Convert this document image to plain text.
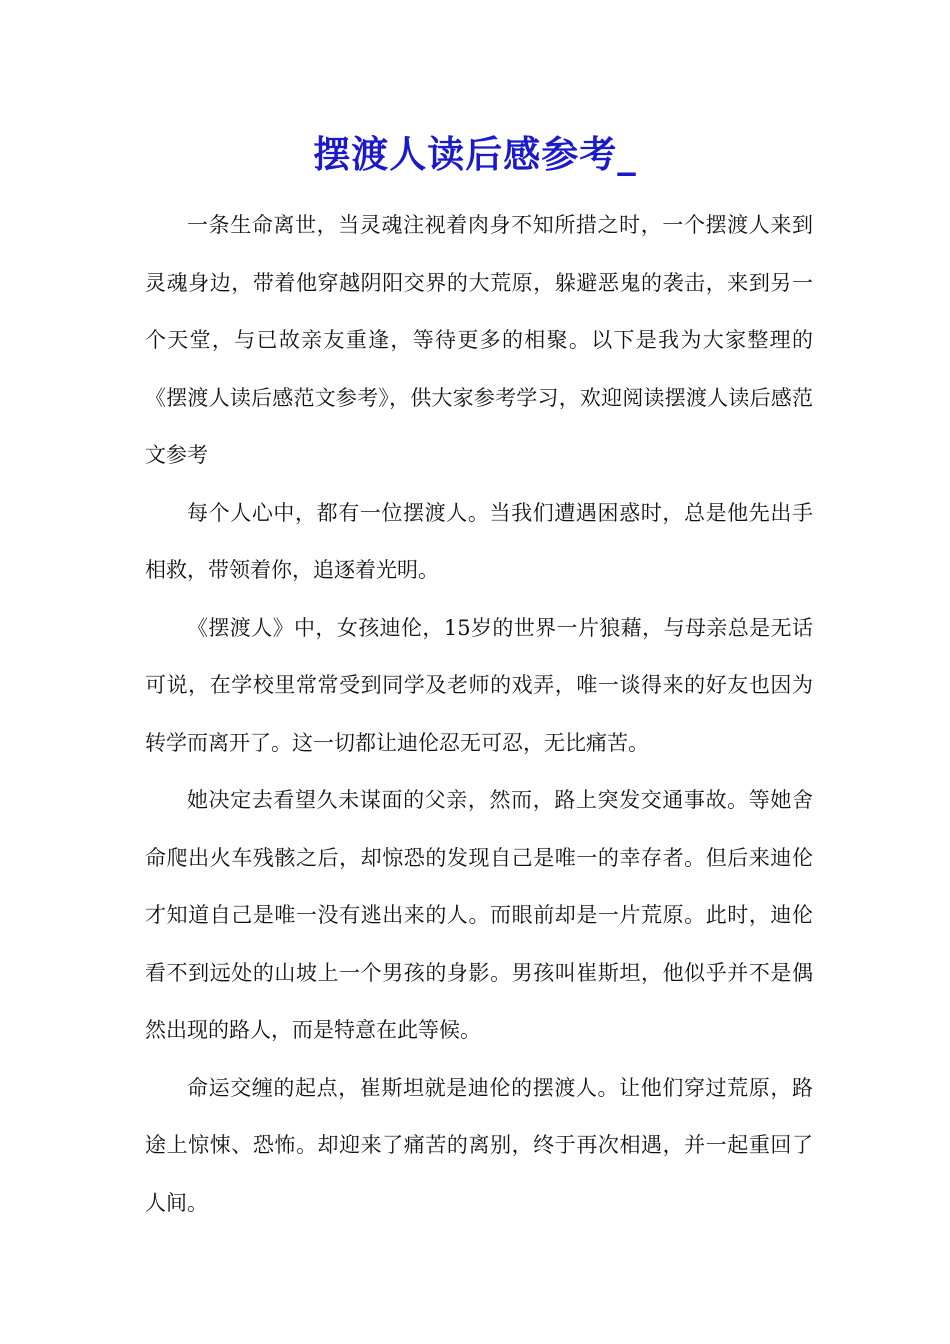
摆渡人读后感参考_

一条生命离世，当灵魂注视着肉身不知所措之时，一个摆渡人来到灵魂身边，带着他穿越阴阳交界的大荒原，躲避恶鬼的袭击，来到另一个天堂，与已故亲友重逢，等待更多的相聚。以下是我为大家整理的《摆渡人读后感范文参考》，供大家参考学习，欢迎阅读摆渡人读后感范文参考

每个人心中，都有一位摆渡人。当我们遭遇困惑时，总是他先出手相救，带领着你，追逐着光明。

《摆渡人》中，女孩迪伦，15岁的世界一片狼藉，与母亲总是无话可说，在学校里常常受到同学及老师的戏弄，唯一谈得来的好友也因为转学而离开了。这一切都让迪伦忍无可忍，无比痛苦。

她决定去看望久未谋面的父亲，然而，路上突发交通事故。等她舍命爬出火车残骸之后，却惊恐的发现自己是唯一的幸存者。但后来迪伦才知道自己是唯一没有逃出来的人。而眼前却是一片荒原。此时，迪伦看不到远处的山坡上一个男孩的身影。男孩叫崔斯坦，他似乎并不是偶然出现的路人，而是特意在此等候。

命运交缠的起点，崔斯坦就是迪伦的摆渡人。让他们穿过荒原，路途上惊悚、恐怖。却迎来了痛苦的离别，终于再次相遇，并一起重回了人间。
